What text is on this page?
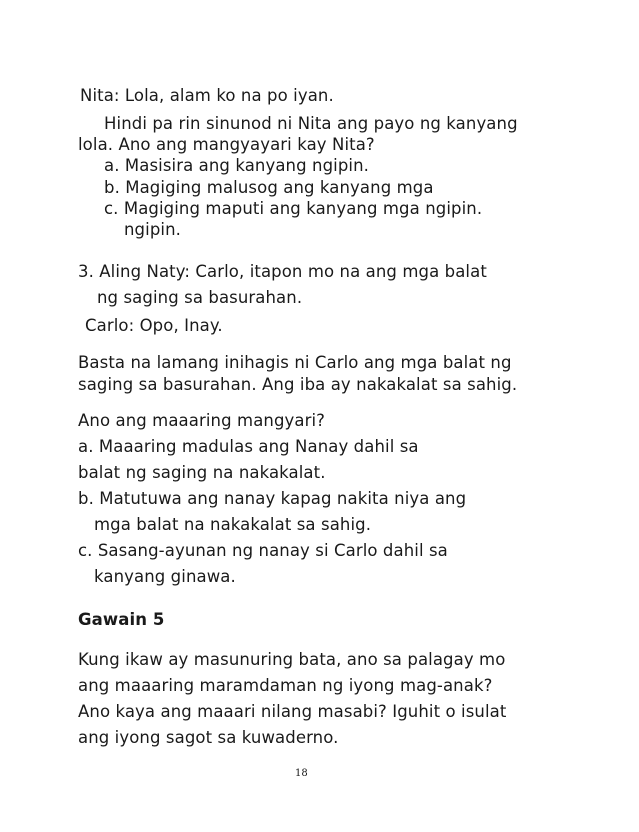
Nita: Lola, alam ko na po iyan.
Hindi pa rin sinunod ni Nita ang payo ng kanyang
lola. Ano ang mangyayari kay Nita?
a. Masisira ang kanyang ngipin.
b. Magiging malusog ang kanyang mga
c. Magiging maputi ang kanyang mga ngipin.
ngipin.
3. Aling Naty: Carlo, itapon mo na ang mga balat
ng saging sa basurahan.
Carlo: Opo, Inay.
Basta na lamang inihagis ni Carlo ang mga balat ng
saging sa basurahan. Ang iba ay nakakalat sa sahig.
Ano ang maaaring mangyari?
a. Maaaring madulas ang Nanay dahil sa
balat ng saging na nakakalat.
b. Matutuwa ang nanay kapag nakita niya ang
mga balat na nakakalat sa sahig.
c. Sasang-ayunan ng nanay si Carlo dahil sa
kanyang ginawa.
Gawain 5
Kung ikaw ay masunuring bata, ano sa palagay mo
ang maaaring maramdaman ng iyong mag-anak?
Ano kaya ang maaari nilang masabi? Iguhit o isulat
ang iyong sagot sa kuwaderno.
18
